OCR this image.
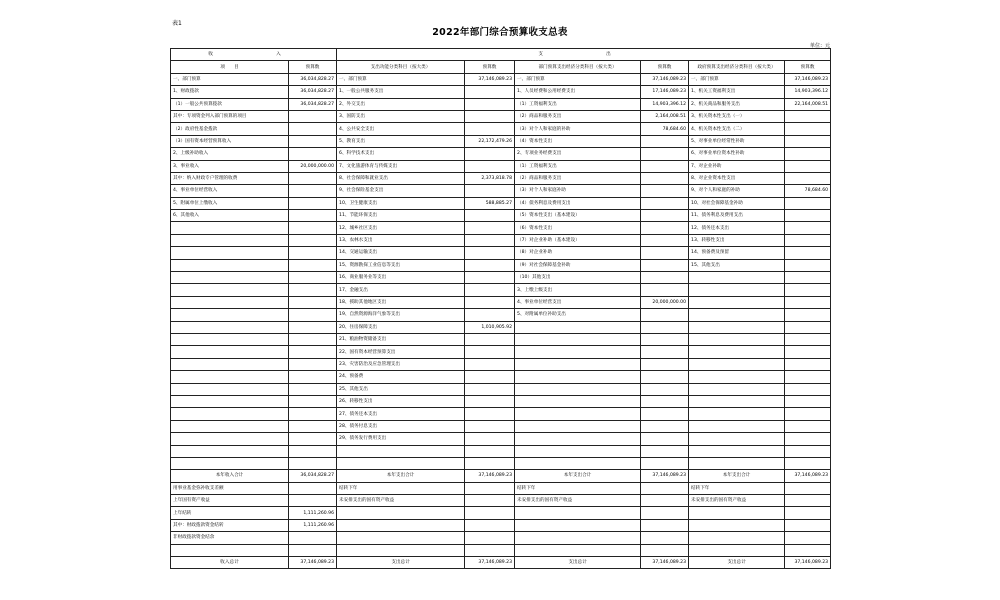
表1
2022年部门综合预算收支总表
单位：元
收　　入		支　　出					
项　　目	预算数	支出功能分类科目（按大类）	预算数	部门预算支出经济分类科目（按大类）	预算数	政府预算支出经济分类科目（按大类）	预算数
一、部门预算	36,034,828.27	一、部门预算	37,146,089.23	一、部门预算	37,146,089.23	一、部门预算	37,146,089.23
1、财政拨款	36,034,828.27	1、一般公共服务支出		1、人员经费和公用经费支出	17,146,089.23	1、机关工资福利支出	14,903,396.12
（1）一般公共预算拨款	36,034,828.27	2、外交支出		（1）工资福利支出	14,903,396.12	2、机关商品和服务支出	22,164,008.51
其中：专项资金列入部门预算的项目		3、国防支出		（2）商品和服务支出	2,164,008.51	3、机关资本性支出（一）	
（2）政府性基金拨款		4、公共安全支出		（3）对个人和家庭的补助	78,684.60	4、机关资本性支出（二）	
（3）国有资本经营预算收入		5、教育支出	22,172,479.26	（4）资本性支出		5、对事业单位经常性补助	
2、上级补助收入		6、科学技术支出		2、专项业务经费支出		6、对事业单位资本性补助	
3、事业收入	20,000,000.00	7、文化旅游体育与传媒支出		（1）工资福利支出		7、对企业补助	
其中：纳入财政专户管理的收费		8、社会保障和就业支出	2,373,818.78	（2）商品和服务支出		8、对企业资本性支出	
4、事业单位经营收入		9、社会保险基金支出		（3）对个人和家庭补助		9、对个人和家庭的补助	78,684.60
5、附属单位上缴收入		10、卫生健康支出	588,885.27	（4）债务利息及费用支出		10、对社会保障基金补助	
6、其他收入		11、节能环保支出		（5）资本性支出（基本建设）		11、债务利息及费用支出	
		12、城乡社区支出		（6）资本性支出		12、债务还本支出	
		13、农林水支出		（7）对企业补助（基本建设）		13、转移性支出	
		14、交通运输支出		（8）对企业补助		14、预备费及预留	
		15、资源勘探工业信息等支出		（9）对社会保障基金补助		15、其他支出	
		16、商业服务业等支出		（10）其他支出			
		17、金融支出		3、上缴上级支出			
		18、援助其他地区支出		4、事业单位经营支出	20,000,000.00		
		19、自然资源海洋气象等支出		5、对附属单位补助支出			
		20、住房保障支出	1,010,905.92				
		21、粮油物资储备支出					
		22、国有资本经营预算支出					
		23、灾害防治及应急管理支出					
		24、预备费					
		25、其他支出					
		26、转移性支出					
		27、债务还本支出					
		28、债务付息支出					
		29、债务发行费用支出					

本年收入合计	36,034,828.27	本年支出合计	37,146,089.23	本年支出合计	37,146,089.23	本年支出合计	37,146,089.23
用事业基金弥补收支差额		结转下年		结转下年		结转下年	
上年国有资产收益		未安排支出的国有资产收益		未安排支出的国有资产收益		未安排支出的国有资产收益	
上年结转	1,111,260.96						
其中：财政拨款资金结转	1,111,260.96						
非财政拨款资金结余							

收入总计	37,146,089.23	支出总计	37,146,089.23	支出总计	37,146,089.23	支出总计	37,146,089.23
